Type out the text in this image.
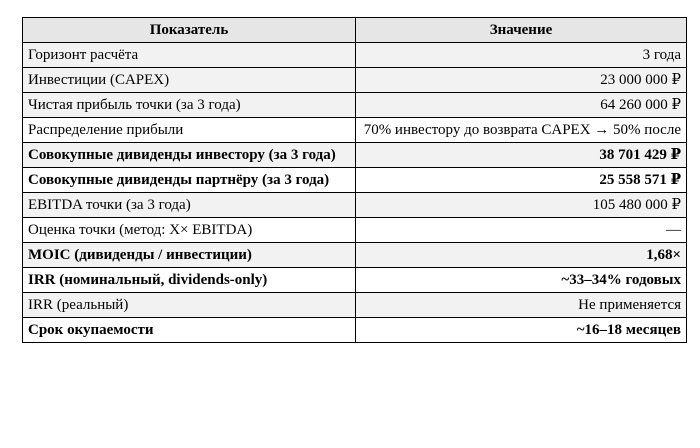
Показатель	Значение
Горизонт расчёта	3 года
Инвестиции (CAPEX)	23 000 000 ₽
Чистая прибыль точки (за 3 года)	64 260 000 ₽
Распределение прибыли	70% инвестору до возврата CAPEX → 50% после
Совокупные дивиденды инвестору (за 3 года)	38 701 429 ₽
Совокупные дивиденды партнёру (за 3 года)	25 558 571 ₽
EBITDA точки (за 3 года)	105 480 000 ₽
Оценка точки (метод: X× EBITDA)	—
MOIC (дивиденды / инвестиции)	1,68×
IRR (номинальный, dividends-only)	~33–34% годовых
IRR (реальный)	Не применяется
Срок окупаемости	~16–18 месяцев
